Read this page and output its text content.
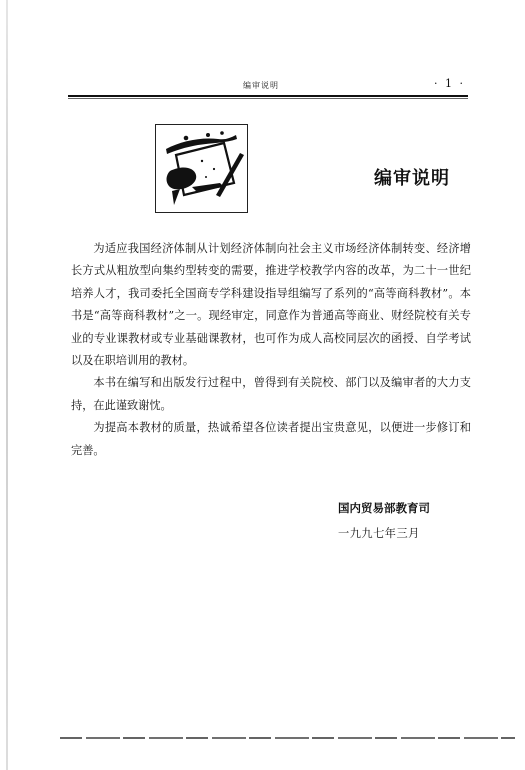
编审说明	· 1 ·
编审说明

为适应我国经济体制从计划经济体制向社会主义市场经济体制转变、经济增长方式从粗放型向集约型转变的需要，推进学校教学内容的改革，为二十一世纪培养人才，我司委托全国商专学科建设指导组编写了系列的“高等商科教材”。本书是“高等商科教材”之一。现经审定，同意作为普通高等商业、财经院校有关专业的专业课教材或专业基础课教材，也可作为成人高校同层次的函授、自学考试以及在职培训用的教材。

本书在编写和出版发行过程中，曾得到有关院校、部门以及编审者的大力支持，在此谨致谢忱。

为提高本教材的质量，热诚希望各位读者提出宝贵意见，以便进一步修订和完善。

国内贸易部教育司
一九九七年三月
